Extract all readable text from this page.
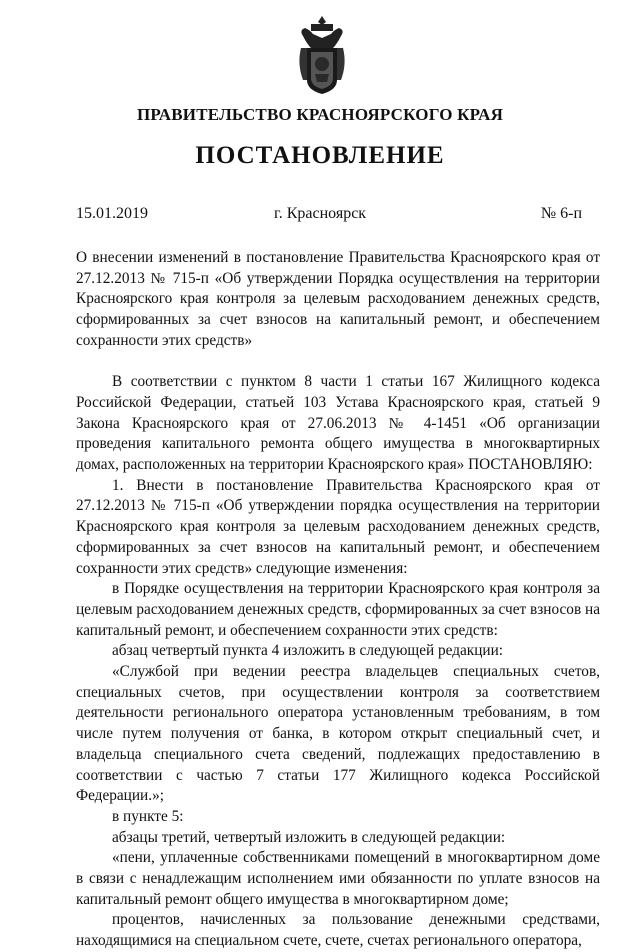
ПРАВИТЕЛЬСТВО КРАСНОЯРСКОГО КРАЯ
ПОСТАНОВЛЕНИЕ
15.01.2019	г. Красноярск	№ 6-п

О внесении изменений в постановление Правительства Красноярского края от 27.12.2013 № 715-п «Об утверждении Порядка осуществления на территории Красноярского края контроля за целевым расходованием денежных средств, сформированных за счет взносов на капитальный ремонт, и обеспечением сохранности этих средств»

В соответствии с пунктом 8 части 1 статьи 167 Жилищного кодекса Российской Федерации, статьей 103 Устава Красноярского края, статьей 9 Закона Красноярского края от 27.06.2013 № 4-1451 «Об организации проведения капитального ремонта общего имущества в многоквартирных домах, расположенных на территории Красноярского края» ПОСТАНОВЛЯЮ:

1. Внести в постановление Правительства Красноярского края от 27.12.2013 № 715-п «Об утверждении порядка осуществления на территории Красноярского края контроля за целевым расходованием денежных средств, сформированных за счет взносов на капитальный ремонт, и обеспечением сохранности этих средств» следующие изменения:

в Порядке осуществления на территории Красноярского края контроля за целевым расходованием денежных средств, сформированных за счет взносов на капитальный ремонт, и обеспечением сохранности этих средств:

абзац четвертый пункта 4 изложить в следующей редакции:

«Службой при ведении реестра владельцев специальных счетов, специальных счетов, при осуществлении контроля за соответствием деятельности регионального оператора установленным требованиям, в том числе путем получения от банка, в котором открыт специальный счет, и владельца специального счета сведений, подлежащих предоставлению в соответствии с частью 7 статьи 177 Жилищного кодекса Российской Федерации.»;

в пункте 5:

абзацы третий, четвертый изложить в следующей редакции:

«пени, уплаченные собственниками помещений в многоквартирном доме в связи с ненадлежащим исполнением ими обязанности по уплате взносов на капитальный ремонт общего имущества в многоквартирном доме;

процентов, начисленных за пользование денежными средствами, находящимися на специальном счете, счете, счетах регионального оператора,
